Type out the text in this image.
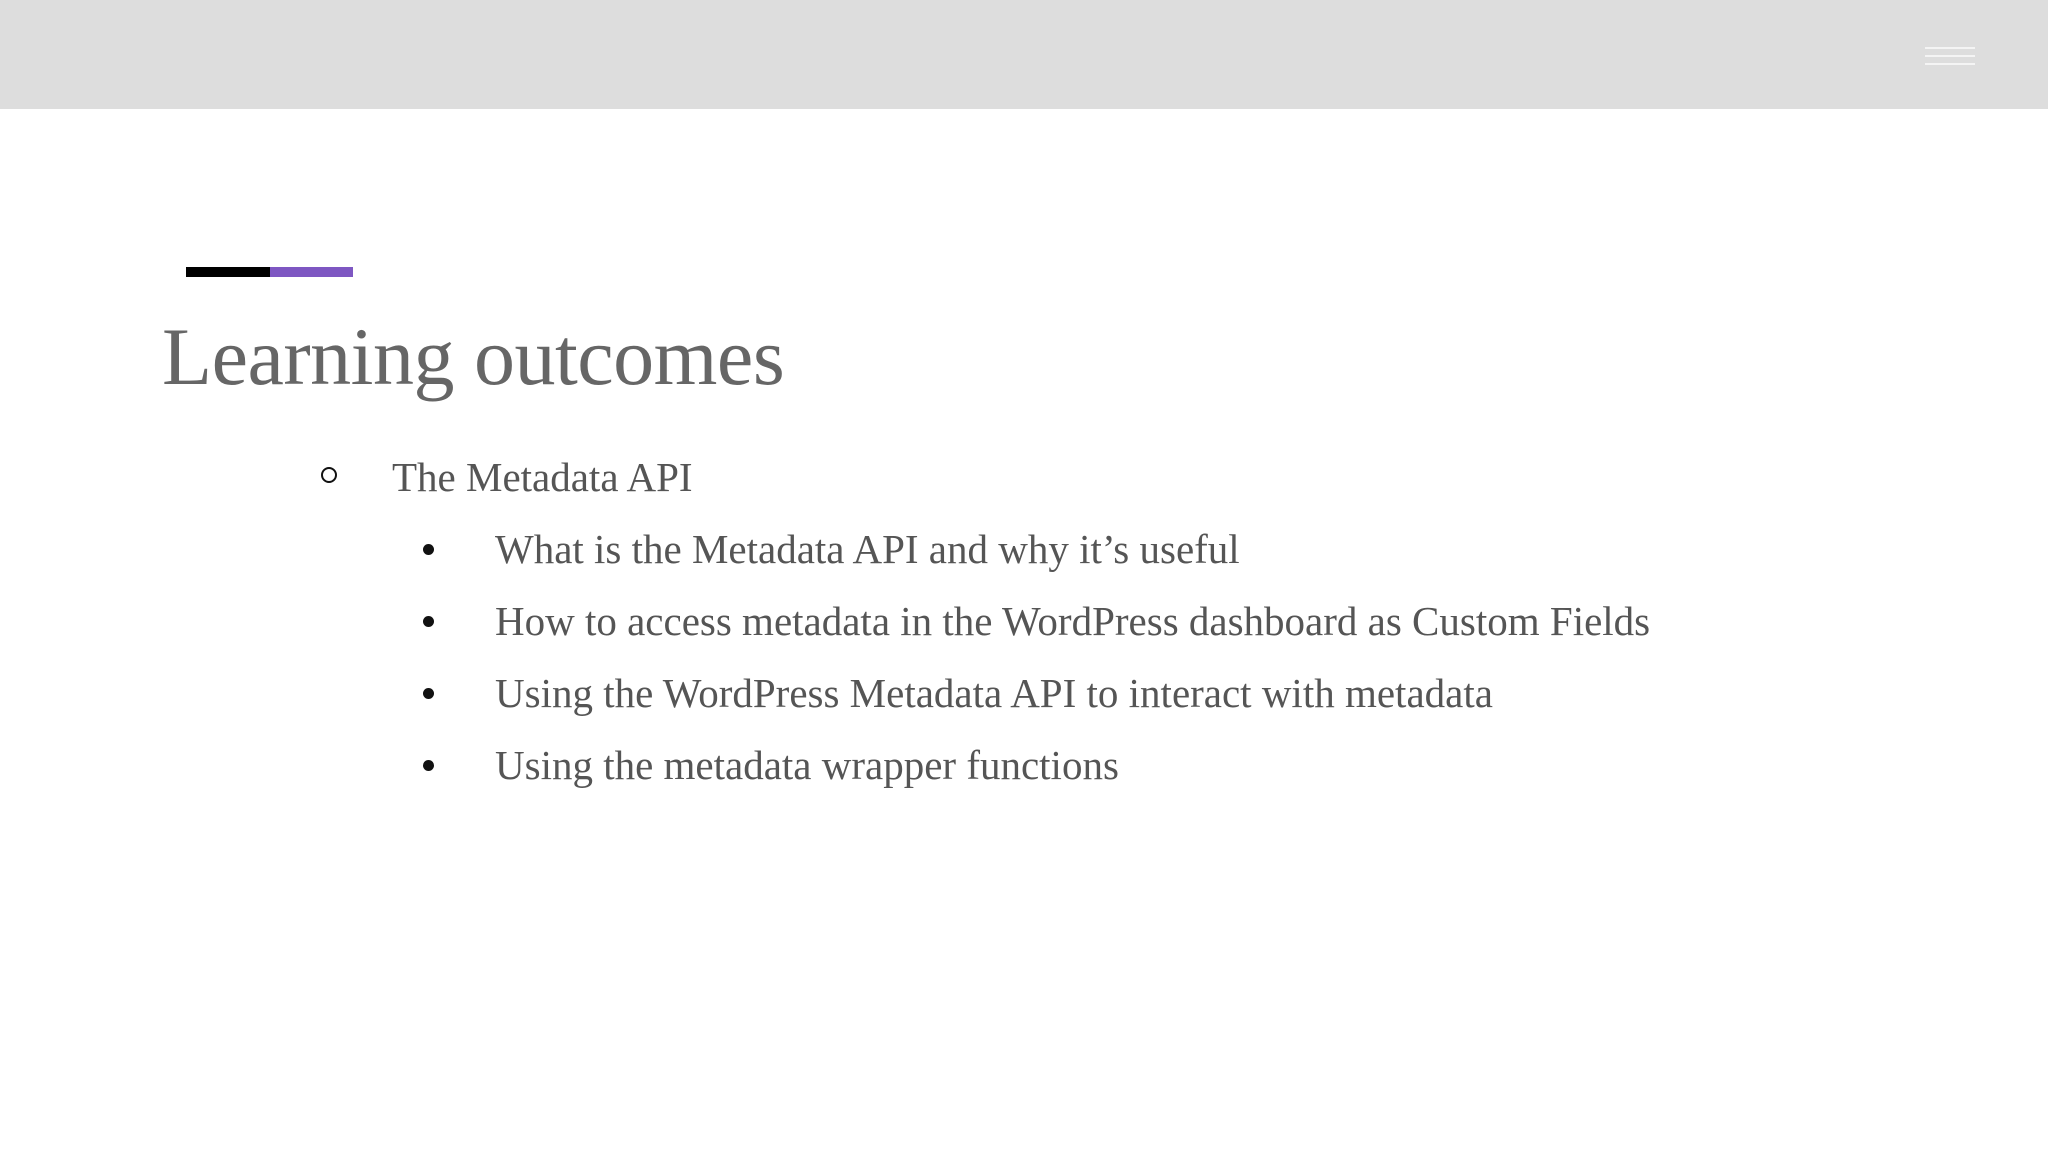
Learning outcomes
The Metadata API
What is the Metadata API and why it’s useful
How to access metadata in the WordPress dashboard as Custom Fields
Using the WordPress Metadata API to interact with metadata
Using the metadata wrapper functions
